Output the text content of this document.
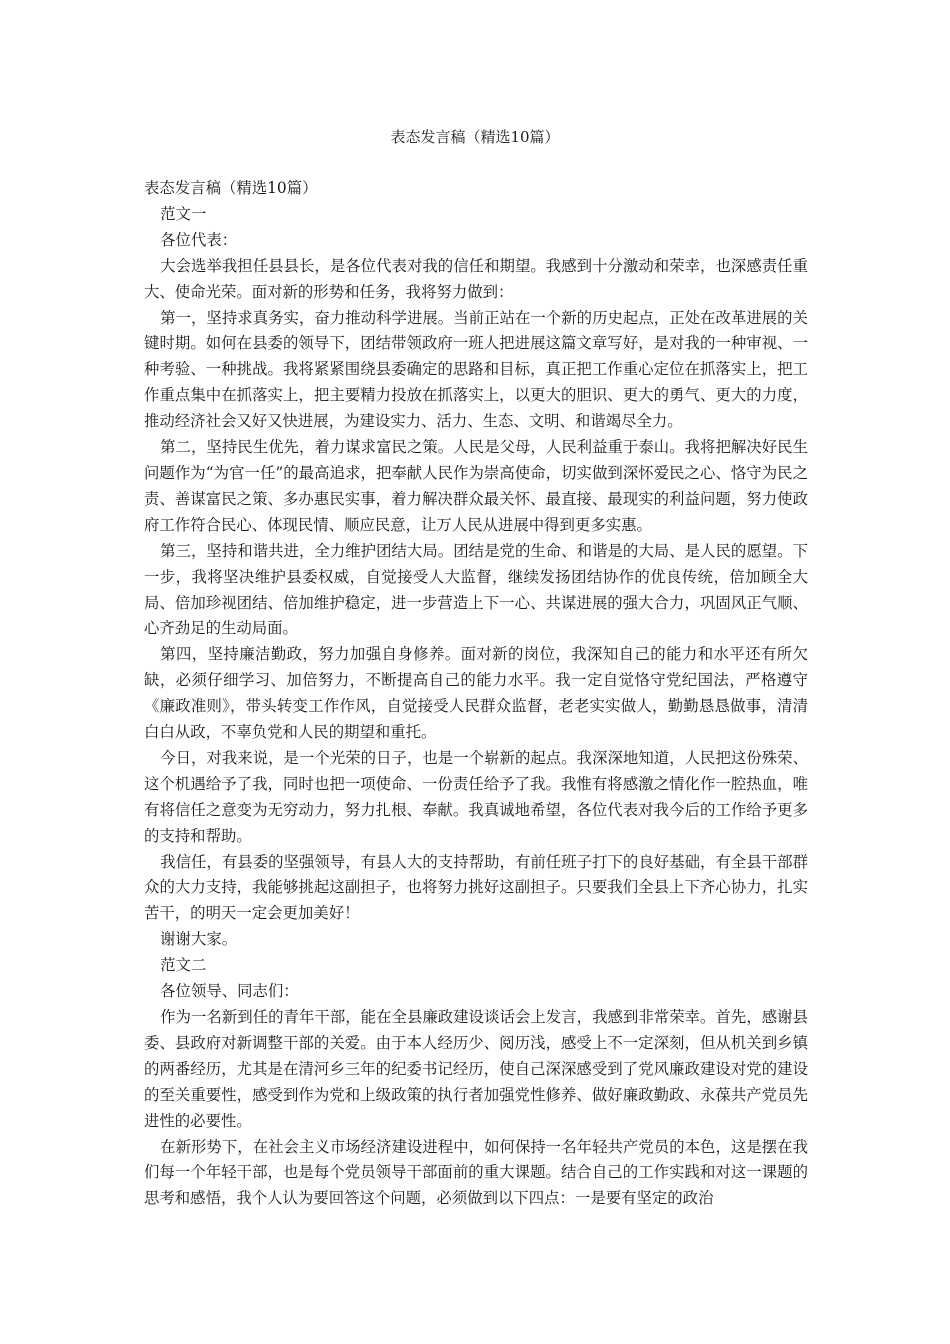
表态发言稿（精选10篇）

表态发言稿（精选10篇）

范文一

各位代表：

大会选举我担任县县长，是各位代表对我的信任和期望。我感到十分激动和荣幸，也深感责任重大、使命光荣。面对新的形势和任务，我将努力做到：

第一，坚持求真务实，奋力推动科学进展。当前正站在一个新的历史起点，正处在改革进展的关键时期。如何在县委的领导下，团结带领政府一班人把进展这篇文章写好，是对我的一种审视、一种考验、一种挑战。我将紧紧围绕县委确定的思路和目标，真正把工作重心定位在抓落实上，把工作重点集中在抓落实上，把主要精力投放在抓落实上，以更大的胆识、更大的勇气、更大的力度，推动经济社会又好又快进展，为建设实力、活力、生态、文明、和谐竭尽全力。

第二，坚持民生优先，着力谋求富民之策。人民是父母，人民利益重于泰山。我将把解决好民生问题作为“为官一任”的最高追求，把奉献人民作为崇高使命，切实做到深怀爱民之心、恪守为民之责、善谋富民之策、多办惠民实事，着力解决群众最关怀、最直接、最现实的利益问题，努力使政府工作符合民心、体现民情、顺应民意，让万人民从进展中得到更多实惠。

第三，坚持和谐共进，全力维护团结大局。团结是党的生命、和谐是的大局、是人民的愿望。下一步，我将坚决维护县委权威，自觉接受人大监督，继续发扬团结协作的优良传统，倍加顾全大局、倍加珍视团结、倍加维护稳定，进一步营造上下一心、共谋进展的强大合力，巩固风正气顺、心齐劲足的生动局面。

第四，坚持廉洁勤政，努力加强自身修养。面对新的岗位，我深知自己的能力和水平还有所欠缺，必须仔细学习、加倍努力，不断提高自己的能力水平。我一定自觉恪守党纪国法，严格遵守《廉政准则》，带头转变工作作风，自觉接受人民群众监督，老老实实做人，勤勤恳恳做事，清清白白从政，不辜负党和人民的期望和重托。

今日，对我来说，是一个光荣的日子，也是一个崭新的起点。我深深地知道，人民把这份殊荣、这个机遇给予了我，同时也把一项使命、一份责任给予了我。我惟有将感激之情化作一腔热血，唯有将信任之意变为无穷动力，努力扎根、奉献。我真诚地希望，各位代表对我今后的工作给予更多的支持和帮助。

我信任，有县委的坚强领导，有县人大的支持帮助，有前任班子打下的良好基础，有全县干部群众的大力支持，我能够挑起这副担子，也将努力挑好这副担子。只要我们全县上下齐心协力，扎实苦干，的明天一定会更加美好！

谢谢大家。

范文二

各位领导、同志们：

作为一名新到任的青年干部，能在全县廉政建设谈话会上发言，我感到非常荣幸。首先，感谢县委、县政府对新调整干部的关爱。由于本人经历少、阅历浅，感受上不一定深刻，但从机关到乡镇的两番经历，尤其是在清河乡三年的纪委书记经历，使自己深深感受到了党风廉政建设对党的建设的至关重要性，感受到作为党和上级政策的执行者加强党性修养、做好廉政勤政、永葆共产党员先进性的必要性。

在新形势下，在社会主义市场经济建设进程中，如何保持一名年轻共产党员的本色，这是摆在我们每一个年轻干部，也是每个党员领导干部面前的重大课题。结合自己的工作实践和对这一课题的思考和感悟，我个人认为要回答这个问题，必须做到以下四点：一是要有坚定的政治
